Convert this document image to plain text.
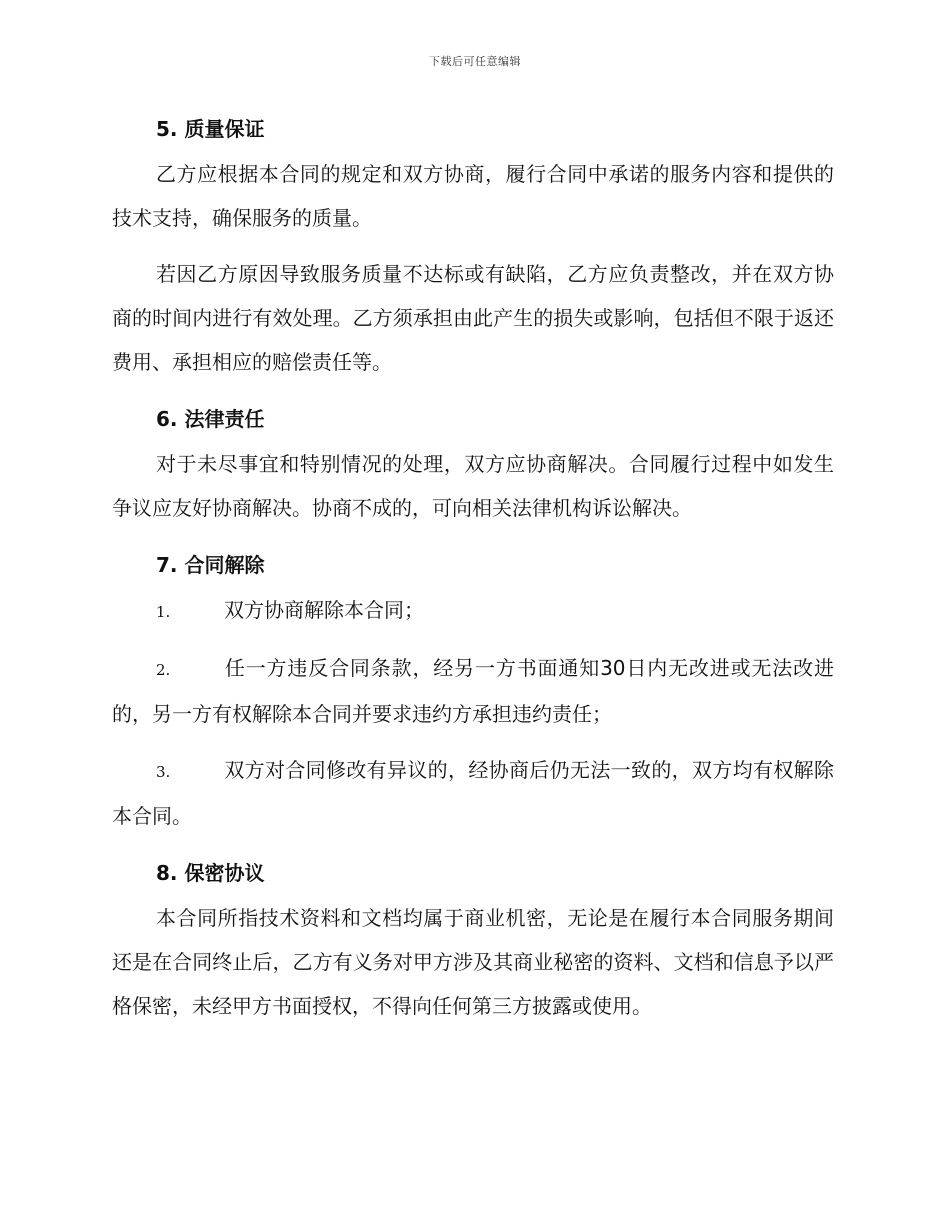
下载后可任意编辑
5. 质量保证

乙方应根据本合同的规定和双方协商，履行合同中承诺的服务内容和提供的技术支持，确保服务的质量。

若因乙方原因导致服务质量不达标或有缺陷，乙方应负责整改，并在双方协商的时间内进行有效处理。乙方须承担由此产生的损失或影响，包括但不限于返还费用、承担相应的赔偿责任等。

6. 法律责任

对于未尽事宜和特别情况的处理，双方应协商解决。合同履行过程中如发生争议应友好协商解决。协商不成的，可向相关法律机构诉讼解决。

7. 合同解除

1.	双方协商解除本合同；

2.	任一方违反合同条款，经另一方书面通知30日内无改进或无法改进的，另一方有权解除本合同并要求违约方承担违约责任；

3.	双方对合同修改有异议的，经协商后仍无法一致的，双方均有权解除本合同。

8. 保密协议

本合同所指技术资料和文档均属于商业机密，无论是在履行本合同服务期间还是在合同终止后，乙方有义务对甲方涉及其商业秘密的资料、文档和信息予以严格保密，未经甲方书面授权，不得向任何第三方披露或使用。
